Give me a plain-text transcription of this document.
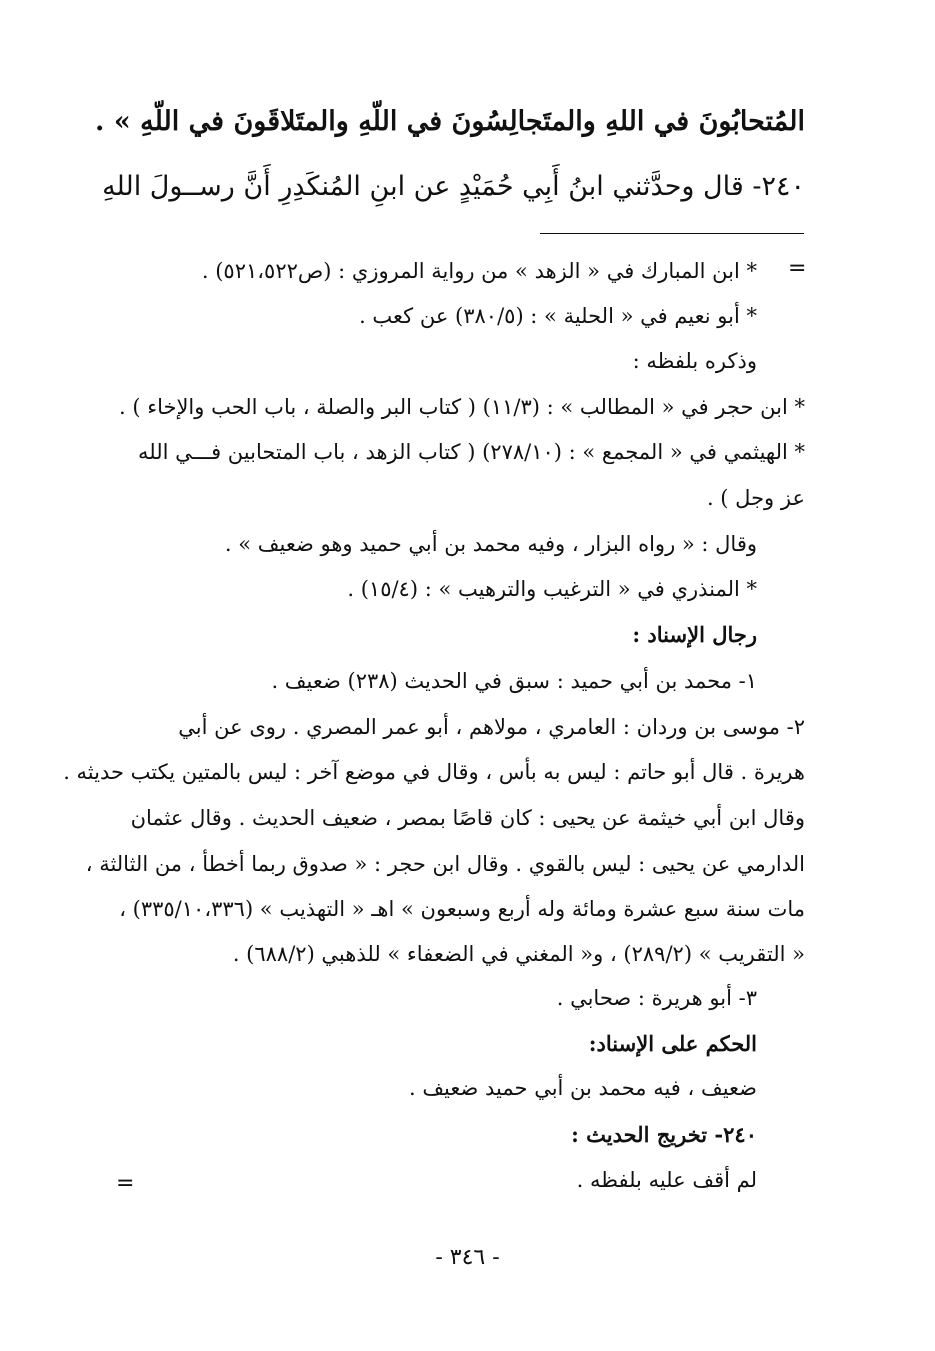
المُتحابُونَ في اللهِ والمتَجالِسُونَ في اللّهِ والمتَلاقَونَ في اللّهِ » .
٢٤٠- قال وحدَّثني ابنُ أَبِي حُمَيْدٍ عن ابنِ المُنكَدِرِ أَنَّ رســولَ اللهِ
=
* ابن المبارك في « الزهد » من رواية المروزي : (ص٥٢١،٥٢٢) .
* أبو نعيم في « الحلية » : (٣٨٠/٥) عن كعب .
وذكره بلفظه :
* ابن حجر في « المطالب » : (١١/٣) ( كتاب البر والصلة ، باب الحب والإخاء ) .
* الهيثمي في « المجمع » : (٢٧٨/١٠) ( كتاب الزهد ، باب المتحابين فـــي الله
عز وجل ) .
وقال : « رواه البزار ، وفيه محمد بن أبي حميد وهو ضعيف » .
* المنذري في « الترغيب والترهيب » : (١٥/٤) .
رجال الإسناد :
١- محمد بن أبي حميد : سبق في الحديث (٢٣٨) ضعيف .
٢- موسى بن وردان : العامري ، مولاهم ، أبو عمر المصري . روى عن أبي
هريرة . قال أبو حاتم : ليس به بأس ، وقال في موضع آخر : ليس بالمتين يكتب حديثه .
وقال ابن أبي خيثمة عن يحيى : كان قاصًا بمصر ، ضعيف الحديث . وقال عثمان
الدارمي عن يحيى : ليس بالقوي . وقال ابن حجر : « صدوق ربما أخطأ ، من الثالثة ،
مات سنة سبع عشرة ومائة وله أربع وسبعون » اهـ « التهذيب » (٣٣٥/١٠،٣٣٦) ،
« التقريب » (٢٨٩/٢) ، و« المغني في الضعفاء » للذهبي (٦٨٨/٢) .
٣- أبو هريرة : صحابي .
الحكم على الإسناد:
ضعيف ، فيه محمد بن أبي حميد ضعيف .
٢٤٠- تخريج الحديث :
لم أقف عليه بلفظه .
=
- ٣٤٦ -
